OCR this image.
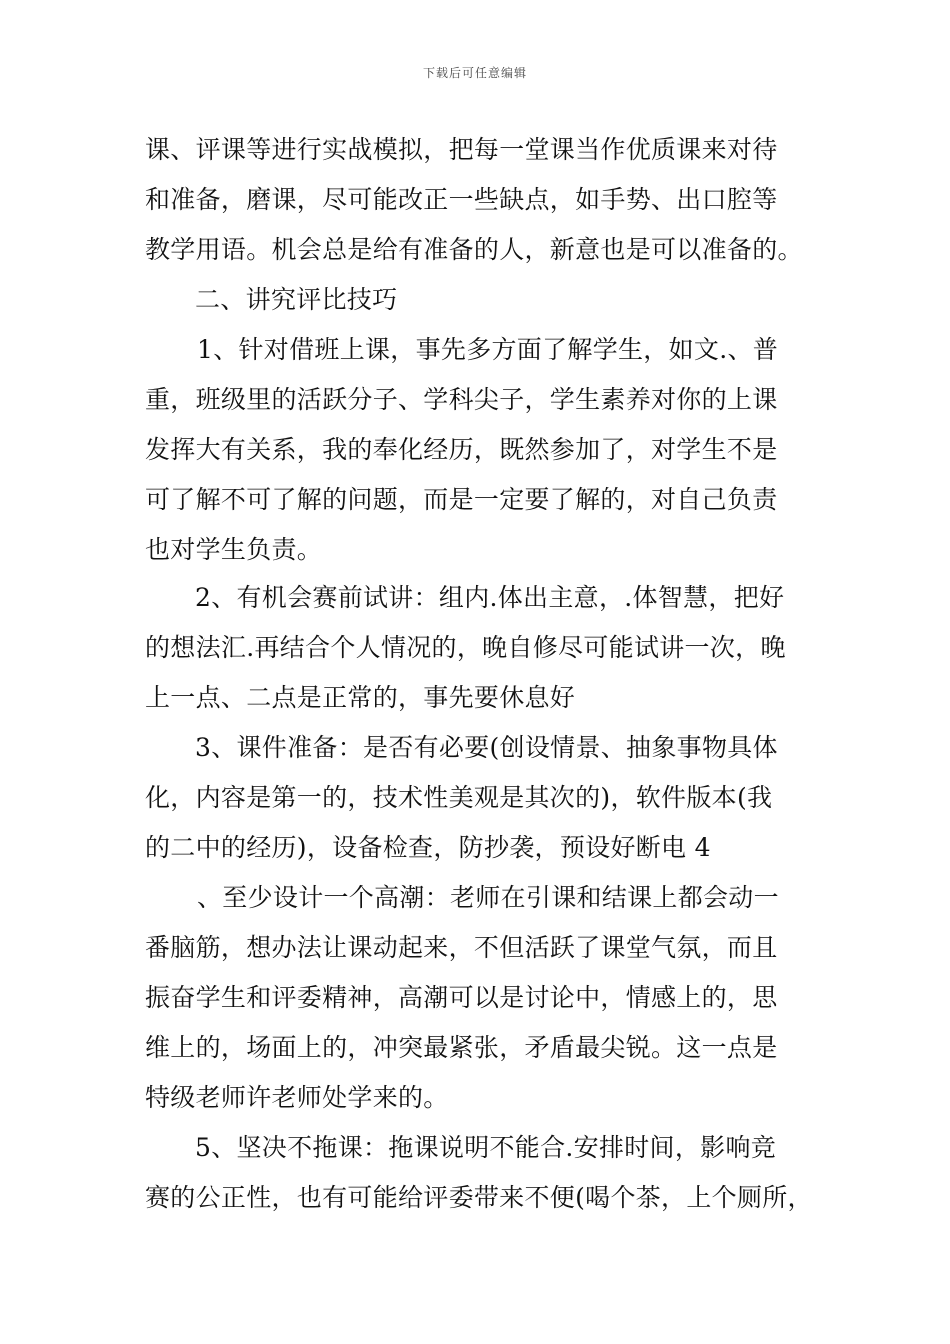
下载后可任意编辑
课、评课等进行实战模拟，把每一堂课当作优质课来对待
和准备，磨课，尽可能改正一些缺点，如手势、出口腔等
教学用语。机会总是给有准备的人，新意也是可以准备的。
二、讲究评比技巧
1、针对借班上课，事先多方面了解学生，如文.、普
重，班级里的活跃分子、学科尖子，学生素养对你的上课
发挥大有关系，我的奉化经历，既然参加了，对学生不是
可了解不可了解的问题，而是一定要了解的，对自己负责
也对学生负责。
2、有机会赛前试讲：组内.体出主意，.体智慧，把好
的想法汇.再结合个人情况的，晚自修尽可能试讲一次，晚
上一点、二点是正常的，事先要休息好
3、课件准备：是否有必要(创设情景、抽象事物具体
化，内容是第一的，技术性美观是其次的)，软件版本(我
的二中的经历)，设备检查，防抄袭，预设好断电 4
、至少设计一个高潮：老师在引课和结课上都会动一
番脑筋，想办法让课动起来，不但活跃了课堂气氛，而且
振奋学生和评委精神，高潮可以是讨论中，情感上的，思
维上的，场面上的，冲突最紧张，矛盾最尖锐。这一点是
特级老师许老师处学来的。
5、坚决不拖课：拖课说明不能合.安排时间，影响竞
赛的公正性，也有可能给评委带来不便(喝个茶，上个厕所，
